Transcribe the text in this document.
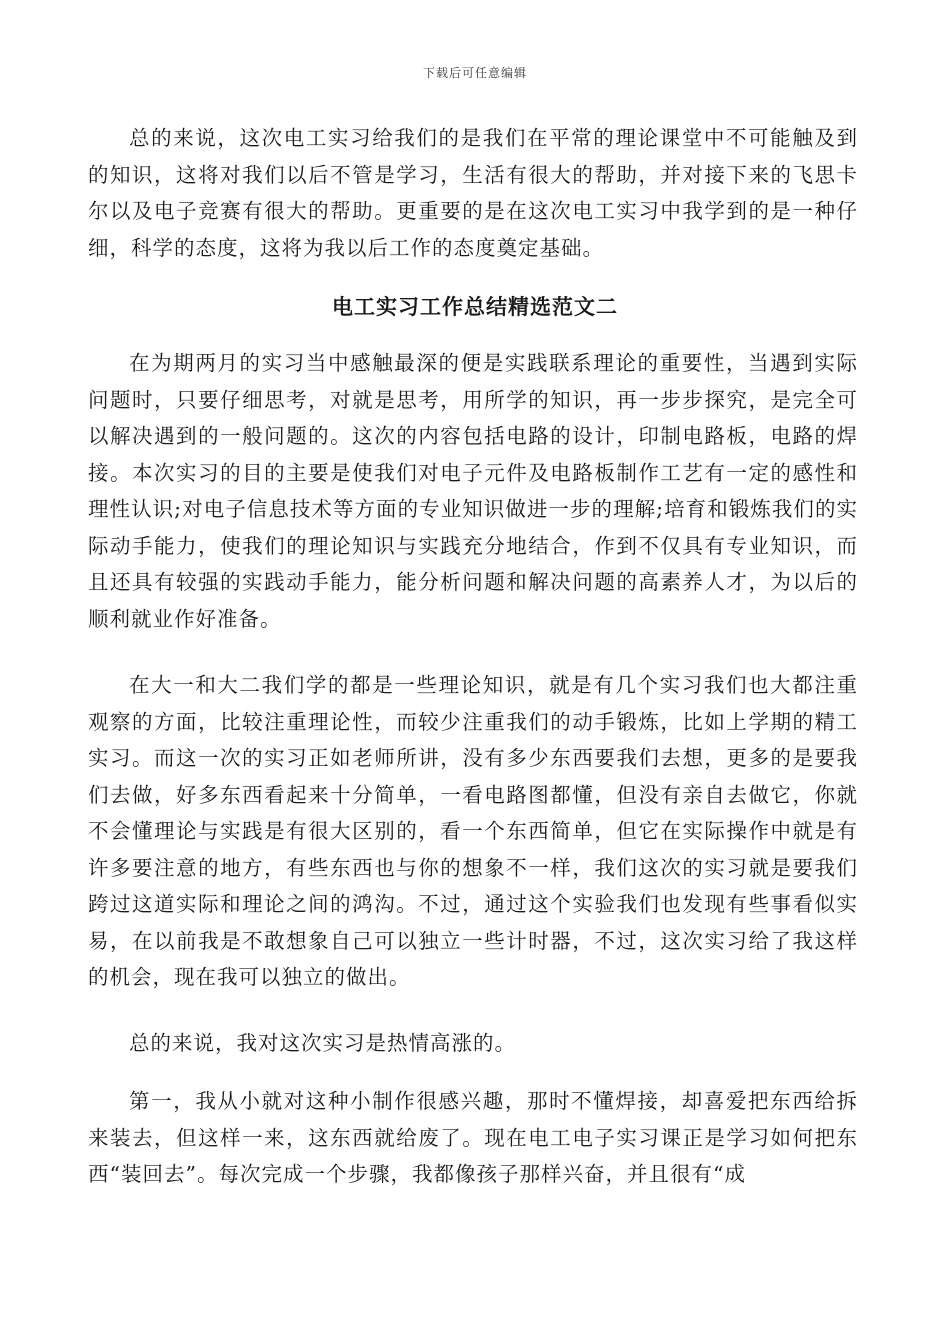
下载后可任意编辑

总的来说，这次电工实习给我们的是我们在平常的理论课堂中不可能触及到的知识，这将对我们以后不管是学习，生活有很大的帮助，并对接下来的飞思卡尔以及电子竞赛有很大的帮助。更重要的是在这次电工实习中我学到的是一种仔细，科学的态度，这将为我以后工作的态度奠定基础。

电工实习工作总结精选范文二

在为期两月的实习当中感触最深的便是实践联系理论的重要性，当遇到实际问题时，只要仔细思考，对就是思考，用所学的知识，再一步步探究，是完全可以解决遇到的一般问题的。这次的内容包括电路的设计，印制电路板，电路的焊接。本次实习的目的主要是使我们对电子元件及电路板制作工艺有一定的感性和理性认识;对电子信息技术等方面的专业知识做进一步的理解;培育和锻炼我们的实际动手能力，使我们的理论知识与实践充分地结合，作到不仅具有专业知识，而且还具有较强的实践动手能力，能分析问题和解决问题的高素养人才，为以后的顺利就业作好准备。

在大一和大二我们学的都是一些理论知识，就是有几个实习我们也大都注重观察的方面，比较注重理论性，而较少注重我们的动手锻炼，比如上学期的精工实习。而这一次的实习正如老师所讲，没有多少东西要我们去想，更多的是要我们去做，好多东西看起来十分简单，一看电路图都懂，但没有亲自去做它，你就不会懂理论与实践是有很大区别的，看一个东西简单，但它在实际操作中就是有许多要注意的地方，有些东西也与你的想象不一样，我们这次的实习就是要我们跨过这道实际和理论之间的鸿沟。不过，通过这个实验我们也发现有些事看似实易，在以前我是不敢想象自己可以独立一些计时器，不过，这次实习给了我这样的机会，现在我可以独立的做出。

总的来说，我对这次实习是热情高涨的。

第一，我从小就对这种小制作很感兴趣，那时不懂焊接，却喜爱把东西给拆来装去，但这样一来，这东西就给废了。现在电工电子实习课正是学习如何把东西“装回去”。每次完成一个步骤，我都像孩子那样兴奋，并且很有“成
